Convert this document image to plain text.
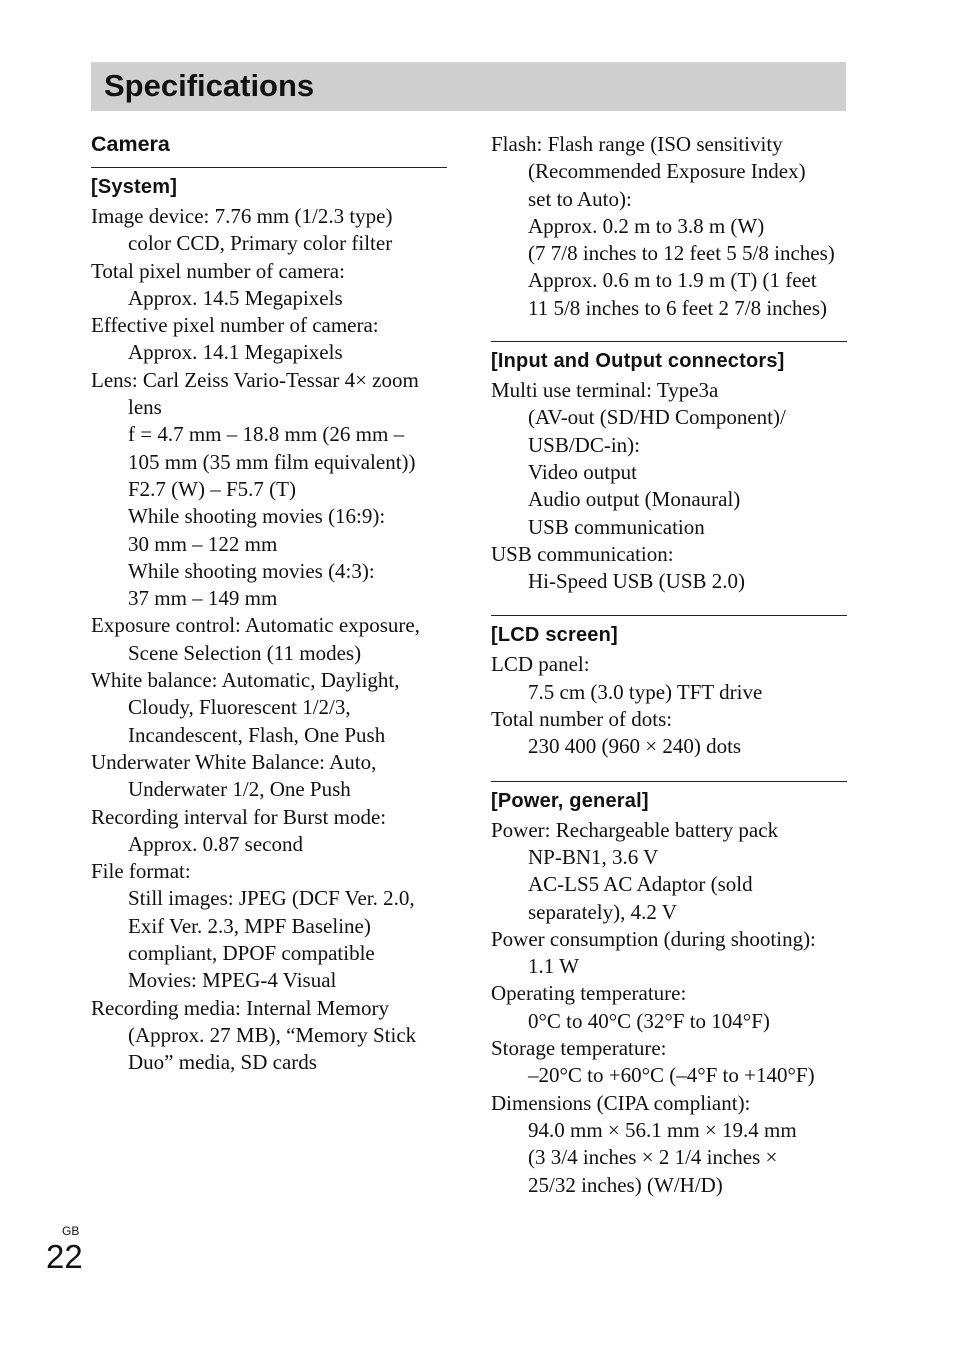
Specifications
Camera
[System]
Image device: 7.76 mm (1/2.3 type)
color CCD, Primary color filter
Total pixel number of camera:
Approx. 14.5 Megapixels
Effective pixel number of camera:
Approx. 14.1 Megapixels
Lens: Carl Zeiss Vario-Tessar 4× zoom
lens
f = 4.7 mm – 18.8 mm (26 mm –
105 mm (35 mm film equivalent))
F2.7 (W) – F5.7 (T)
While shooting movies (16:9):
30 mm – 122 mm
While shooting movies (4:3):
37 mm – 149 mm
Exposure control: Automatic exposure,
Scene Selection (11 modes)
White balance: Automatic, Daylight,
Cloudy, Fluorescent 1/2/3,
Incandescent, Flash, One Push
Underwater White Balance: Auto,
Underwater 1/2, One Push
Recording interval for Burst mode:
Approx. 0.87 second
File format:
Still images: JPEG (DCF Ver. 2.0,
Exif Ver. 2.3, MPF Baseline)
compliant, DPOF compatible
Movies: MPEG-4 Visual
Recording media: Internal Memory
(Approx. 27 MB), “Memory Stick
Duo” media, SD cards
Flash: Flash range (ISO sensitivity
(Recommended Exposure Index)
set to Auto):
Approx. 0.2 m to 3.8 m (W)
(7 7/8 inches to 12 feet 5 5/8 inches)
Approx. 0.6 m to 1.9 m (T) (1 feet
11 5/8 inches to 6 feet 2 7/8 inches)
[Input and Output connectors]
Multi use terminal: Type3a
(AV-out (SD/HD Component)/
USB/DC-in):
Video output
Audio output (Monaural)
USB communication
USB communication:
Hi-Speed USB (USB 2.0)
[LCD screen]
LCD panel:
7.5 cm (3.0 type) TFT drive
Total number of dots:
230 400 (960 × 240) dots
[Power, general]
Power: Rechargeable battery pack
NP-BN1, 3.6 V
AC-LS5 AC Adaptor (sold
separately), 4.2 V
Power consumption (during shooting):
1.1 W
Operating temperature:
0°C to 40°C (32°F to 104°F)
Storage temperature:
–20°C to +60°C (–4°F to +140°F)
Dimensions (CIPA compliant):
94.0 mm × 56.1 mm × 19.4 mm
(3 3/4 inches × 2 1/4 inches ×
25/32 inches) (W/H/D)
GB
22
